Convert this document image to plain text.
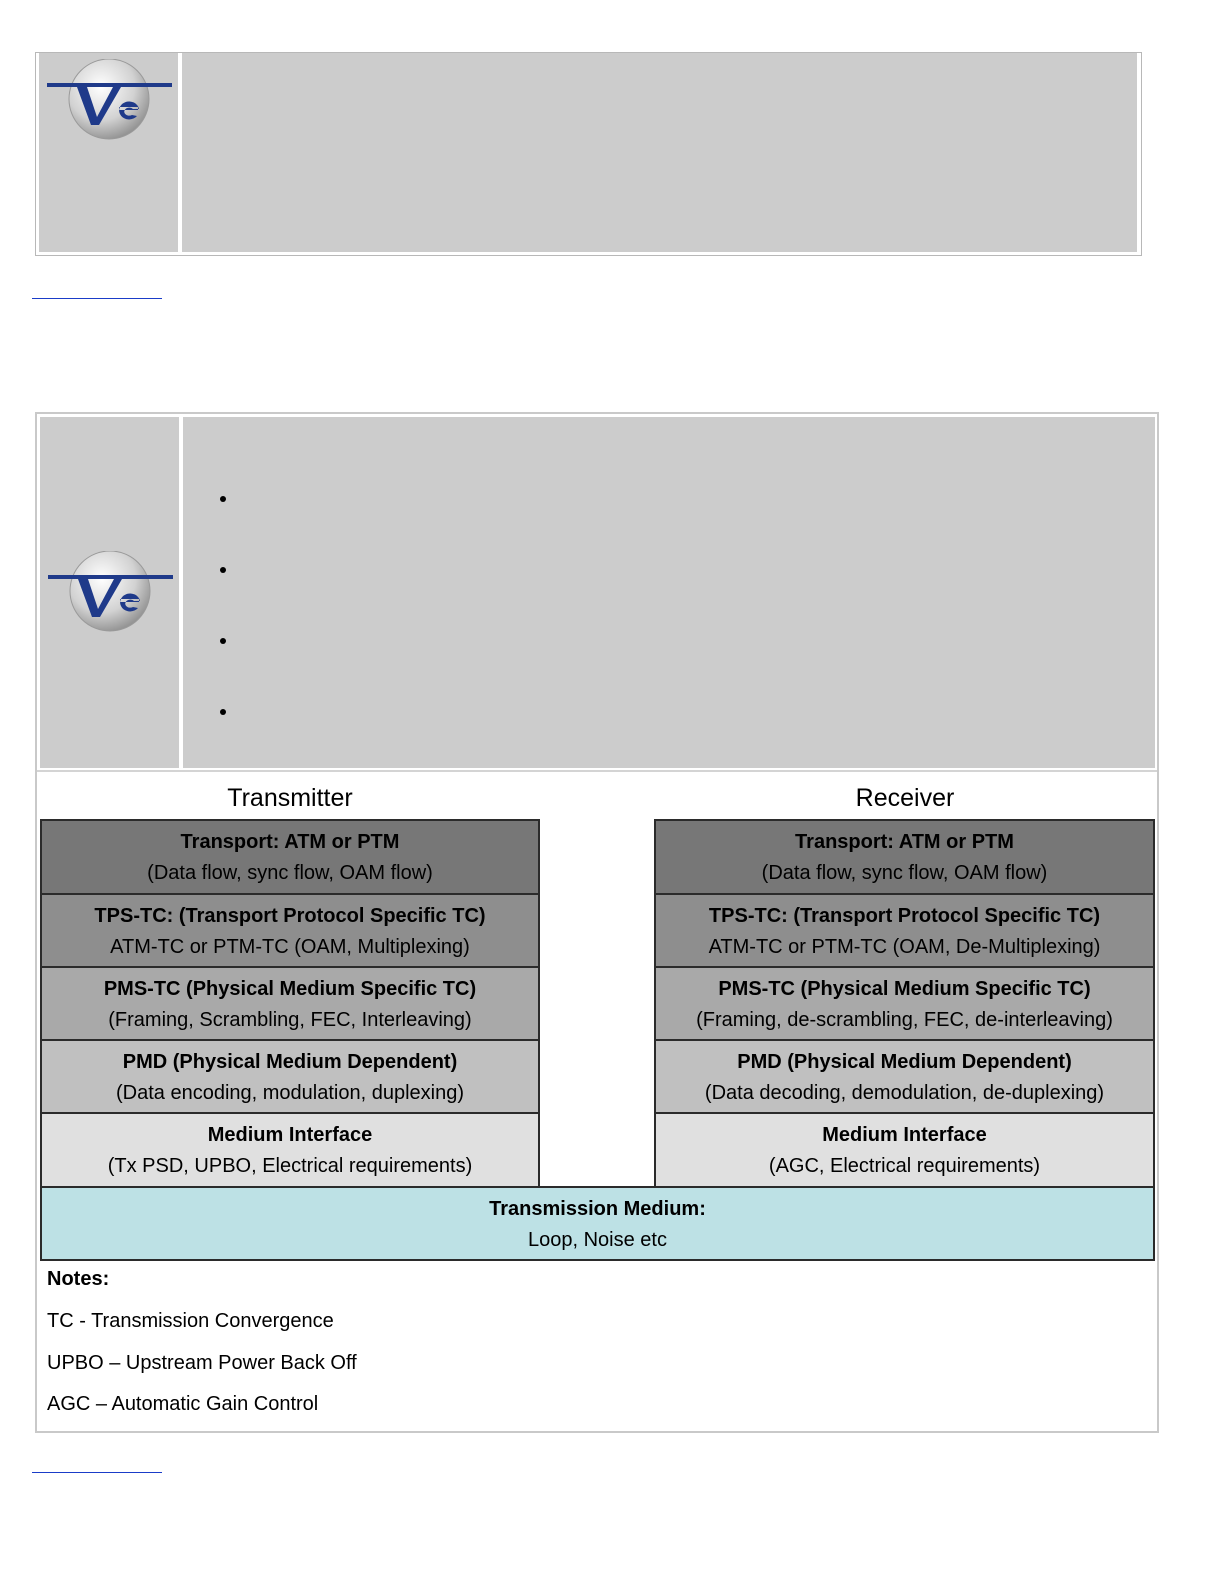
Transmitter	Receiver
Transport: ATM or PTM
(Data flow, sync flow, OAM flow)
TPS-TC: (Transport Protocol Specific TC)
ATM-TC or PTM-TC (OAM, Multiplexing)
PMS-TC (Physical Medium Specific TC)
(Framing, Scrambling, FEC, Interleaving)
PMD (Physical Medium Dependent)
(Data encoding, modulation, duplexing)
Medium Interface
(Tx PSD, UPBO, Electrical requirements)
Transport: ATM or PTM
(Data flow, sync flow, OAM flow)
TPS-TC: (Transport Protocol Specific TC)
ATM-TC or PTM-TC (OAM, De-Multiplexing)
PMS-TC (Physical Medium Specific TC)
(Framing, de-scrambling, FEC, de-interleaving)
PMD (Physical Medium Dependent)
(Data decoding, demodulation, de-duplexing)
Medium Interface
(AGC, Electrical requirements)
Transmission Medium:
Loop, Noise etc
Notes:
TC - Transmission Convergence
UPBO – Upstream Power Back Off
AGC – Automatic Gain Control
